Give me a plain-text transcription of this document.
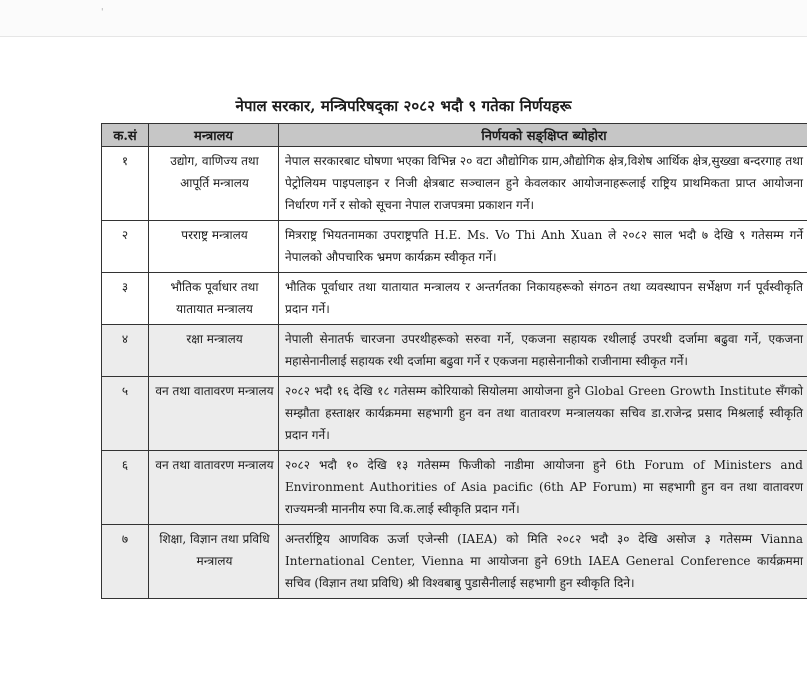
'
नेपाल सरकार, मन्त्रिपरिषद्का २०८२ भदौ ९ गतेका निर्णयहरू
क.सं	मन्त्रालय	निर्णयको सङ्क्षिप्त ब्योहोरा
१	उद्योग, वाणिज्य तथा आपूर्ति मन्त्रालय	नेपाल सरकारबाट घोषणा भएका विभिन्न २० वटा औद्योगिक ग्राम,औद्योगिक क्षेत्र,विशेष आर्थिक क्षेत्र,सुख्खा बन्दरगाह तथा पेट्रोलियम पाइपलाइन र निजी क्षेत्रबाट सञ्चालन हुने केवलकार आयोजनाहरूलाई राष्ट्रिय प्राथमिकता प्राप्त आयोजना निर्धारण गर्ने र सोको सूचना नेपाल राजपत्रमा प्रकाशन गर्ने।
२	परराष्ट्र मन्त्रालय	मित्रराष्ट्र भियतनामका उपराष्ट्रपति H.E. Ms. Vo Thi Anh Xuan ले २०८२ साल भदौ ७ देखि ९ गतेसम्म गर्ने नेपालको औपचारिक भ्रमण कार्यक्रम स्वीकृत गर्ने।
३	भौतिक पूर्वाधार तथा यातायात मन्त्रालय	भौतिक पूर्वाधार तथा यातायात मन्त्रालय र अन्तर्गतका निकायहरूको संगठन तथा व्यवस्थापन सर्भेक्षण गर्न पूर्वस्वीकृति प्रदान गर्ने।
४	रक्षा मन्त्रालय	नेपाली सेनातर्फ चारजना उपरथीहरूको सरुवा गर्ने, एकजना सहायक रथीलाई उपरथी दर्जामा बढुवा गर्ने, एकजना महासेनानीलाई सहायक रथी दर्जामा बढुवा गर्ने र एकजना महासेनानीको राजीनामा स्वीकृत गर्ने।
५	वन तथा वातावरण मन्त्रालय	२०८२ भदौ १६ देखि १८ गतेसम्म कोरियाको सियोलमा आयोजना हुने Global Green Growth Institute सँगको सम्झौता हस्ताक्षर कार्यक्रममा सहभागी हुन वन तथा वातावरण मन्त्रालयका सचिव डा.राजेन्द्र प्रसाद मिश्रलाई स्वीकृति प्रदान गर्ने।
६	वन तथा वातावरण मन्त्रालय	२०८२ भदौ १० देखि १३ गतेसम्म फिजीको नाडीमा आयोजना हुने 6th Forum of Ministers and Environment Authorities of Asia pacific (6th AP Forum) मा सहभागी हुन वन तथा वातावरण राज्यमन्त्री माननीय रुपा वि.क.लाई स्वीकृति प्रदान गर्ने।
७	शिक्षा, विज्ञान तथा प्रविधि मन्त्रालय	अन्तर्राष्ट्रिय आणविक ऊर्जा एजेन्सी (IAEA) को मिति २०८२ भदौ ३० देखि असोज ३ गतेसम्म Vianna International Center, Vienna मा आयोजना हुने 69th IAEA General Conference कार्यक्रममा सचिव (विज्ञान तथा प्रविधि) श्री विश्वबाबु पुडासैनीलाई सहभागी हुन स्वीकृति दिने।
